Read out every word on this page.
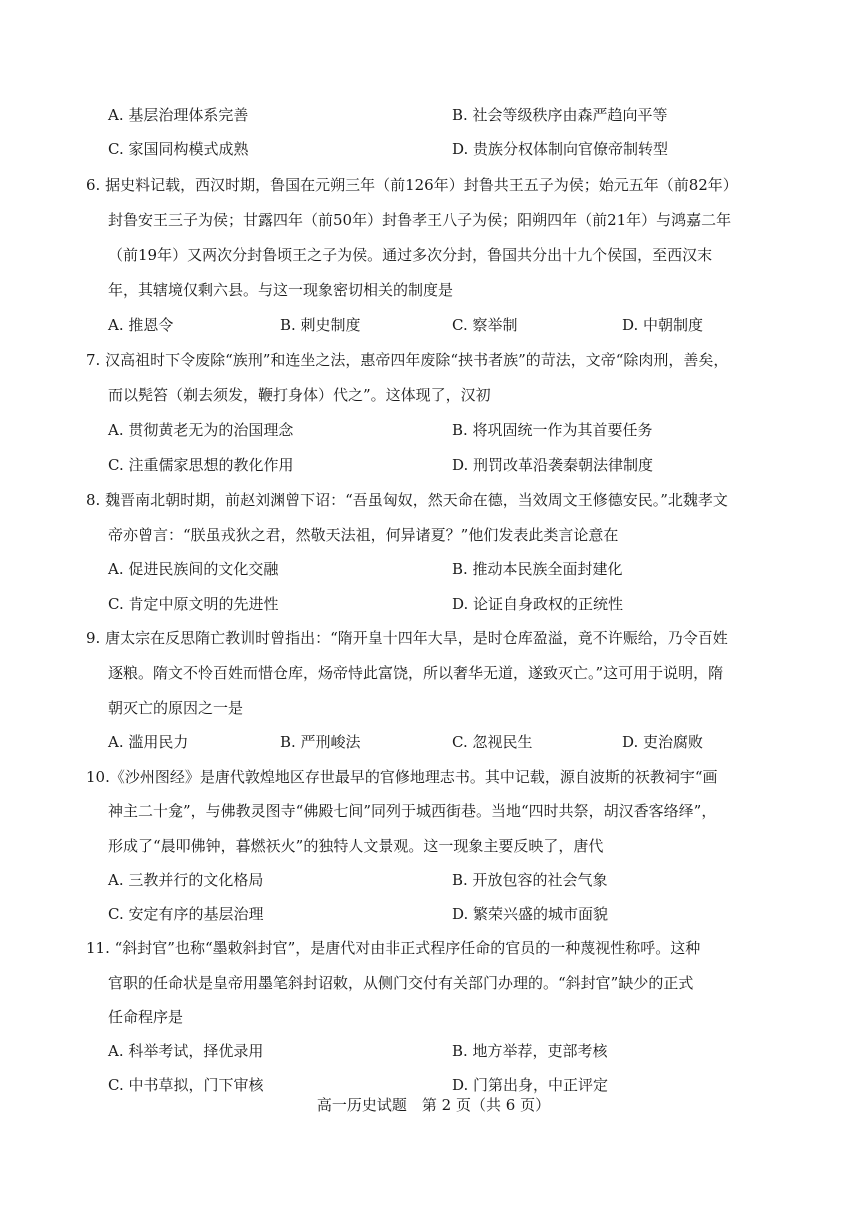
A. 基层治理体系完善	B. 社会等级秩序由森严趋向平等
C. 家国同构模式成熟	D. 贵族分权体制向官僚帝制转型
6. 据史料记载，西汉时期，鲁国在元朔三年（前126年）封鲁共王五子为侯；始元五年（前82年）
封鲁安王三子为侯；甘露四年（前50年）封鲁孝王八子为侯；阳朔四年（前21年）与鸿嘉二年
（前19年）又两次分封鲁顷王之子为侯。通过多次分封，鲁国共分出十九个侯国，至西汉末
年，其辖境仅剩六县。与这一现象密切相关的制度是
A. 推恩令	B. 刺史制度	C. 察举制	D. 中朝制度
7. 汉高祖时下令废除“族刑”和连坐之法，惠帝四年废除“挟书者族”的苛法，文帝“除肉刑，善矣，
而以髡笞（剃去须发，鞭打身体）代之”。这体现了，汉初
A. 贯彻黄老无为的治国理念	B. 将巩固统一作为其首要任务
C. 注重儒家思想的教化作用	D. 刑罚改革沿袭秦朝法律制度
8. 魏晋南北朝时期，前赵刘渊曾下诏：“吾虽匈奴，然天命在德，当效周文王修德安民。”北魏孝文
帝亦曾言：“朕虽戎狄之君，然敬天法祖，何异诸夏？”他们发表此类言论意在
A. 促进民族间的文化交融	B. 推动本民族全面封建化
C. 肯定中原文明的先进性	D. 论证自身政权的正统性
9. 唐太宗在反思隋亡教训时曾指出：“隋开皇十四年大旱，是时仓库盈溢，竟不许赈给，乃令百姓
逐粮。隋文不怜百姓而惜仓库，炀帝恃此富饶，所以奢华无道，遂致灭亡。”这可用于说明，隋
朝灭亡的原因之一是
A. 滥用民力	B. 严刑峻法	C. 忽视民生	D. 吏治腐败
10.《沙州图经》是唐代敦煌地区存世最早的官修地理志书。其中记载，源自波斯的祆教祠宇“画
神主二十龛”，与佛教灵图寺“佛殿七间”同列于城西街巷。当地“四时共祭，胡汉香客络绎”，
形成了“晨叩佛钟，暮燃祆火”的独特人文景观。这一现象主要反映了，唐代
A. 三教并行的文化格局	B. 开放包容的社会气象
C. 安定有序的基层治理	D. 繁荣兴盛的城市面貌
11. “斜封官”也称“墨敕斜封官”，是唐代对由非正式程序任命的官员的一种蔑视性称呼。这种
官职的任命状是皇帝用墨笔斜封诏敕，从侧门交付有关部门办理的。“斜封官”缺少的正式
任命程序是
A. 科举考试，择优录用	B. 地方举荐，吏部考核
C. 中书草拟，门下审核	D. 门第出身，中正评定
高一历史试题　第 2 页（共 6 页）
